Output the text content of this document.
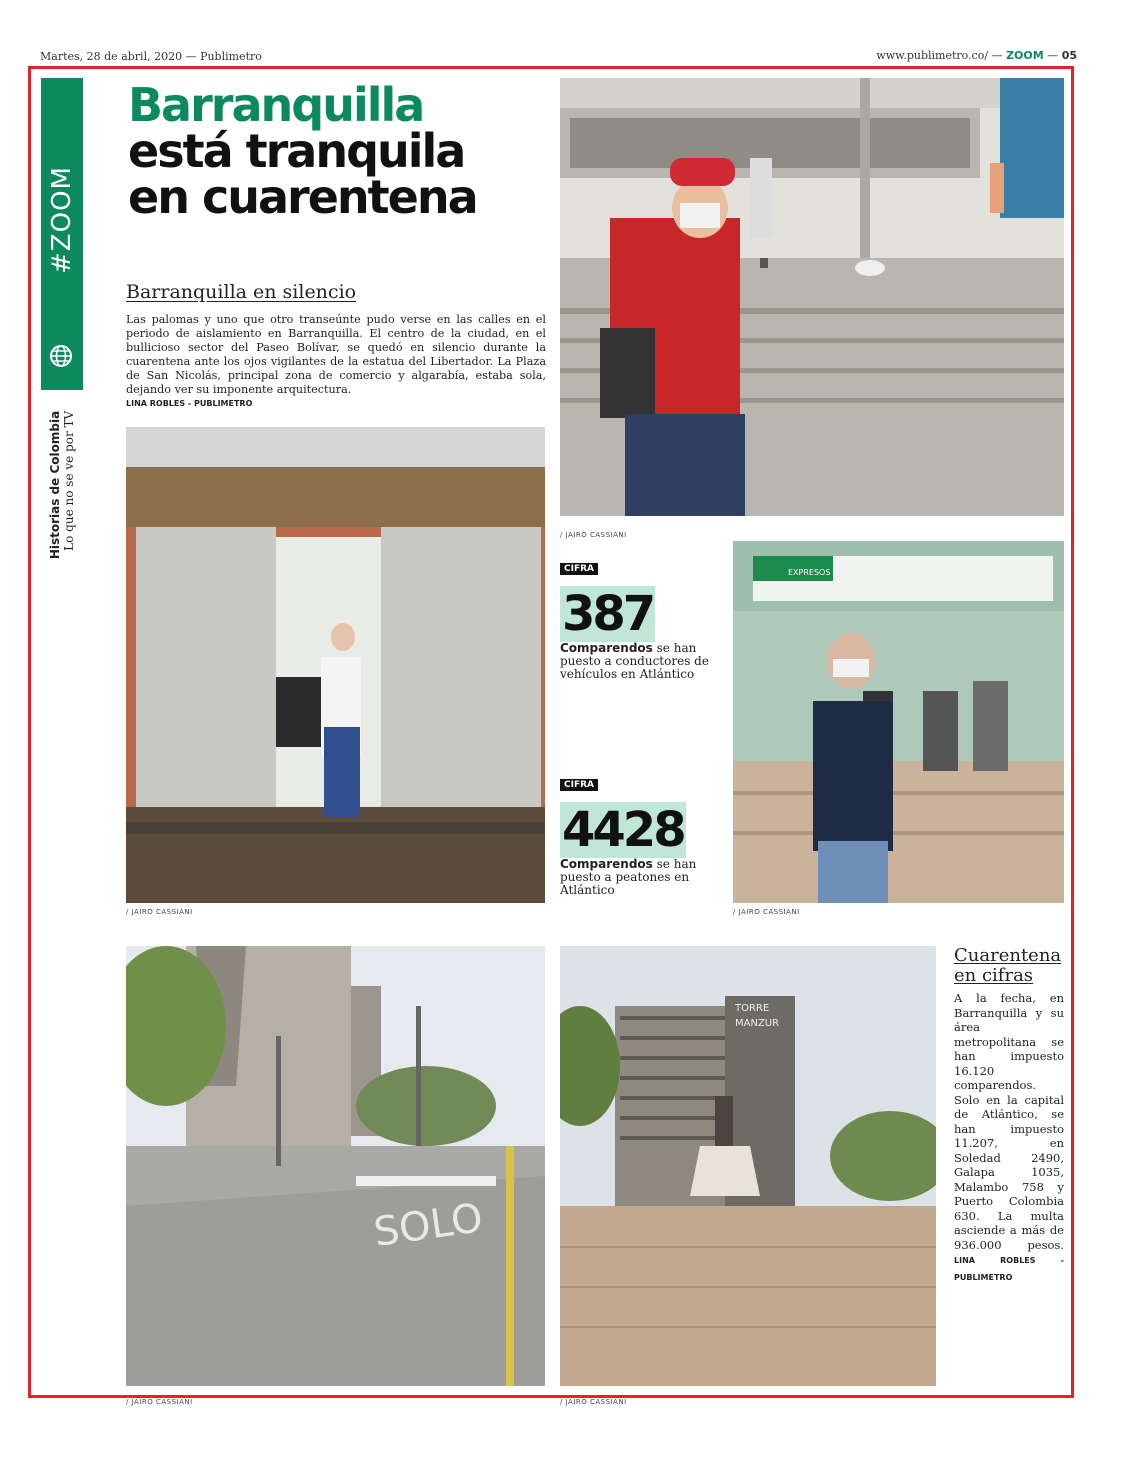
Martes, 28 de abril, 2020 — Publimetro	www.publimetro.co/ — ZOOM — 05
#ZOOM
Historias de Colombia Lo que no se ve por TV
Barranquilla
está tranquila
en cuarentena
Barranquilla en silencio
Las palomas y uno que otro transeúnte pudo verse en las calles en el periodo de aislamiento en Barranquilla. El centro de la ciudad, en el bullicioso sector del Paseo Bolívar, se quedó en silencio durante la cuarentena ante los ojos vigilantes de la estatua del Libertador. La Plaza de San Nicolás, principal zona de comercio y algarabía, estaba sola, dejando ver su imponente arquitectura.
LINA ROBLES - PUBLIMETRO
/ JAIRO CASSIANI
/ JAIRO CASSIANI
CIFRA
387
Comparendos se han puesto a conductores de vehículos en Atlántico
CIFRA
4428
Comparendos se han puesto a peatones en Atlántico
EXPRESOS
/ JAIRO CASSIANI
SOLO
/ JAIRO CASSIANI
TORRE
MANZUR
/ JAIRO CASSIANI
Cuarentena en cifras
A la fecha, en Barranquilla y su área metropolitana se han impuesto 16.120 comparendos. Solo en la capital de Atlántico, se han impuesto 11.207, en Soledad 2490, Galapa 1035, Malambo 758 y Puerto Colombia 630. La multa asciende a más de 936.000 pesos. LINA ROBLES - PUBLIMETRO
